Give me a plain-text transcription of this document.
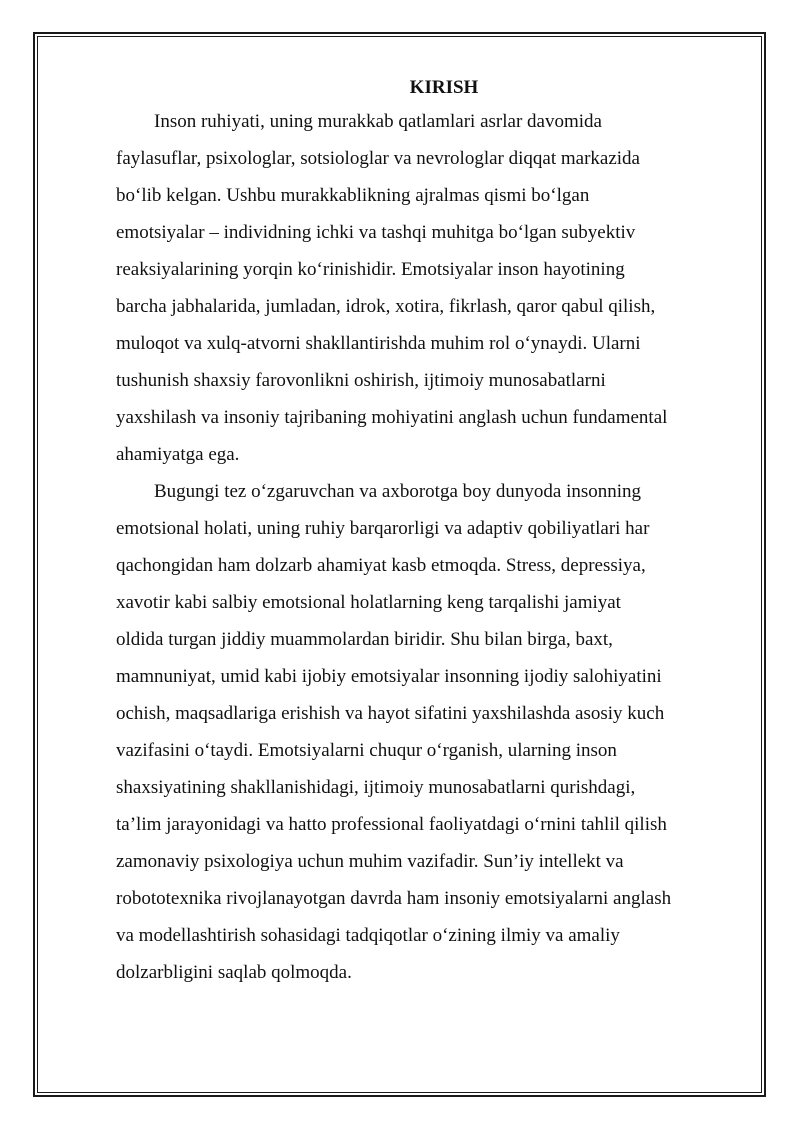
KIRISH
Inson ruhiyati, uning murakkab qatlamlari asrlar davomida
faylasuflar, psixologlar, sotsiologlar va nevrologlar diqqat markazida
bo‘lib kelgan. Ushbu murakkablikning ajralmas qismi bo‘lgan
emotsiyalar – individning ichki va tashqi muhitga bo‘lgan subyektiv
reaksiyalarining yorqin ko‘rinishidir. Emotsiyalar inson hayotining
barcha jabhalarida, jumladan, idrok, xotira, fikrlash, qaror qabul qilish,
muloqot va xulq-atvorni shakllantirishda muhim rol o‘ynaydi. Ularni
tushunish shaxsiy farovonlikni oshirish, ijtimoiy munosabatlarni
yaxshilash va insoniy tajribaning mohiyatini anglash uchun fundamental
ahamiyatga ega.
Bugungi tez o‘zgaruvchan va axborotga boy dunyoda insonning
emotsional holati, uning ruhiy barqarorligi va adaptiv qobiliyatlari har
qachongidan ham dolzarb ahamiyat kasb etmoqda. Stress, depressiya,
xavotir kabi salbiy emotsional holatlarning keng tarqalishi jamiyat
oldida turgan jiddiy muammolardan biridir. Shu bilan birga, baxt,
mamnuniyat, umid kabi ijobiy emotsiyalar insonning ijodiy salohiyatini
ochish, maqsadlariga erishish va hayot sifatini yaxshilashda asosiy kuch
vazifasini o‘taydi. Emotsiyalarni chuqur o‘rganish, ularning inson
shaxsiyatining shakllanishidagi, ijtimoiy munosabatlarni qurishdagi,
ta’lim jarayonidagi va hatto professional faoliyatdagi o‘rnini tahlil qilish
zamonaviy psixologiya uchun muhim vazifadir. Sun’iy intellekt va
robototexnika rivojlanayotgan davrda ham insoniy emotsiyalarni anglash
va modellashtirish sohasidagi tadqiqotlar o‘zining ilmiy va amaliy
dolzarbligini saqlab qolmoqda.
